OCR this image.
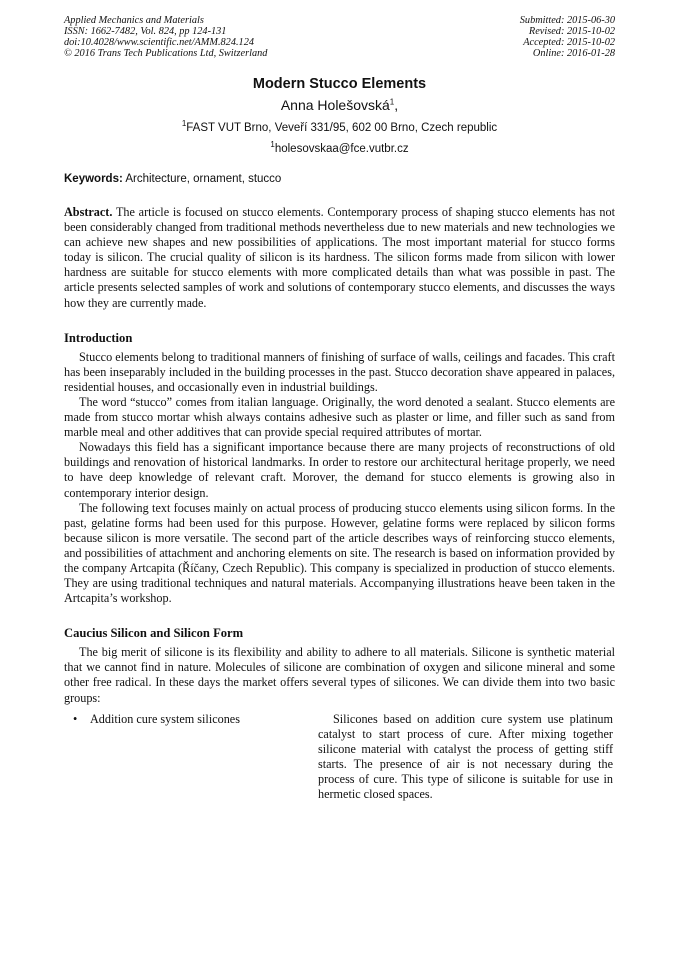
Applied Mechanics and Materials
ISSN: 1662-7482, Vol. 824, pp 124-131
doi:10.4028/www.scientific.net/AMM.824.124
© 2016 Trans Tech Publications Ltd, Switzerland
Submitted: 2015-06-30
Revised: 2015-10-02
Accepted: 2015-10-02
Online: 2016-01-28
Modern Stucco Elements
Anna Holešovská$^1$,
$^1$FAST VUT Brno, Veveří 331/95, 602 00 Brno, Czech republic
$^1$holesovskaa@fce.vutbr.cz
Keywords: Architecture, ornament, stucco

Abstract. The article is focused on stucco elements. Contemporary process of shaping stucco elements has not been considerably changed from traditional methods nevertheless due to new materials and new technologies we can achieve new shapes and new possibilities of applications. The most important material for stucco forms today is silicon. The crucial quality of silicon is its hardness. The silicon forms made from silicon with lower hardness are suitable for stucco elements with more complicated details than what was possible in past. The article presents selected samples of work and solutions of contemporary stucco elements, and discusses the ways how they are currently made.

Introduction

Stucco elements belong to traditional manners of finishing of surface of walls, ceilings and facades. This craft has been inseparably included in the building processes in the past. Stucco decoration shave appeared in palaces, residential houses, and occasionally even in industrial buildings.

The word “stucco” comes from italian language. Originally, the word denoted a sealant. Stucco elements are made from stucco mortar whish always contains adhesive such as plaster or lime, and filler such as sand from marble meal and other additives that can provide special required attributes of mortar.

Nowadays this field has a significant importance because there are many projects of reconstructions of old buildings and renovation of historical landmarks. In order to restore our architectural heritage properly, we need to have deep knowledge of relevant craft. Morover, the demand for stucco elements is growing also in contemporary interior design.

The following text focuses mainly on actual process of producing stucco elements using silicon forms. In the past, gelatine forms had been used for this purpose. However, gelatine forms were replaced by silicon forms because silicon is more versatile. The second part of the article describes ways of reinforcing stucco elements, and possibilities of attachment and anchoring elements on site. The research is based on information provided by the company Artcapita (Říčany, Czech Republic). This company is specialized in production of stucco elements. They are using traditional techniques and natural materials. Accompanying illustrations heave been taken in the Artcapita’s workshop.

Caucius Silicon and Silicon Form

The big merit of silicone is its flexibility and ability to adhere to all materials. Silicone is synthetic material that we cannot find in nature. Molecules of silicone are combination of oxygen and silicone mineral and some other free radical. In these days the market offers several types of silicones. We can divide them into two basic groups:

• Addition cure system silicones	Silicones based on addition cure system use platinum catalyst to start process of cure. After mixing together silicone material with catalyst the process of getting stiff starts. The presence of air is not necessary during the process of cure. This type of silicone is suitable for use in hermetic closed spaces.
